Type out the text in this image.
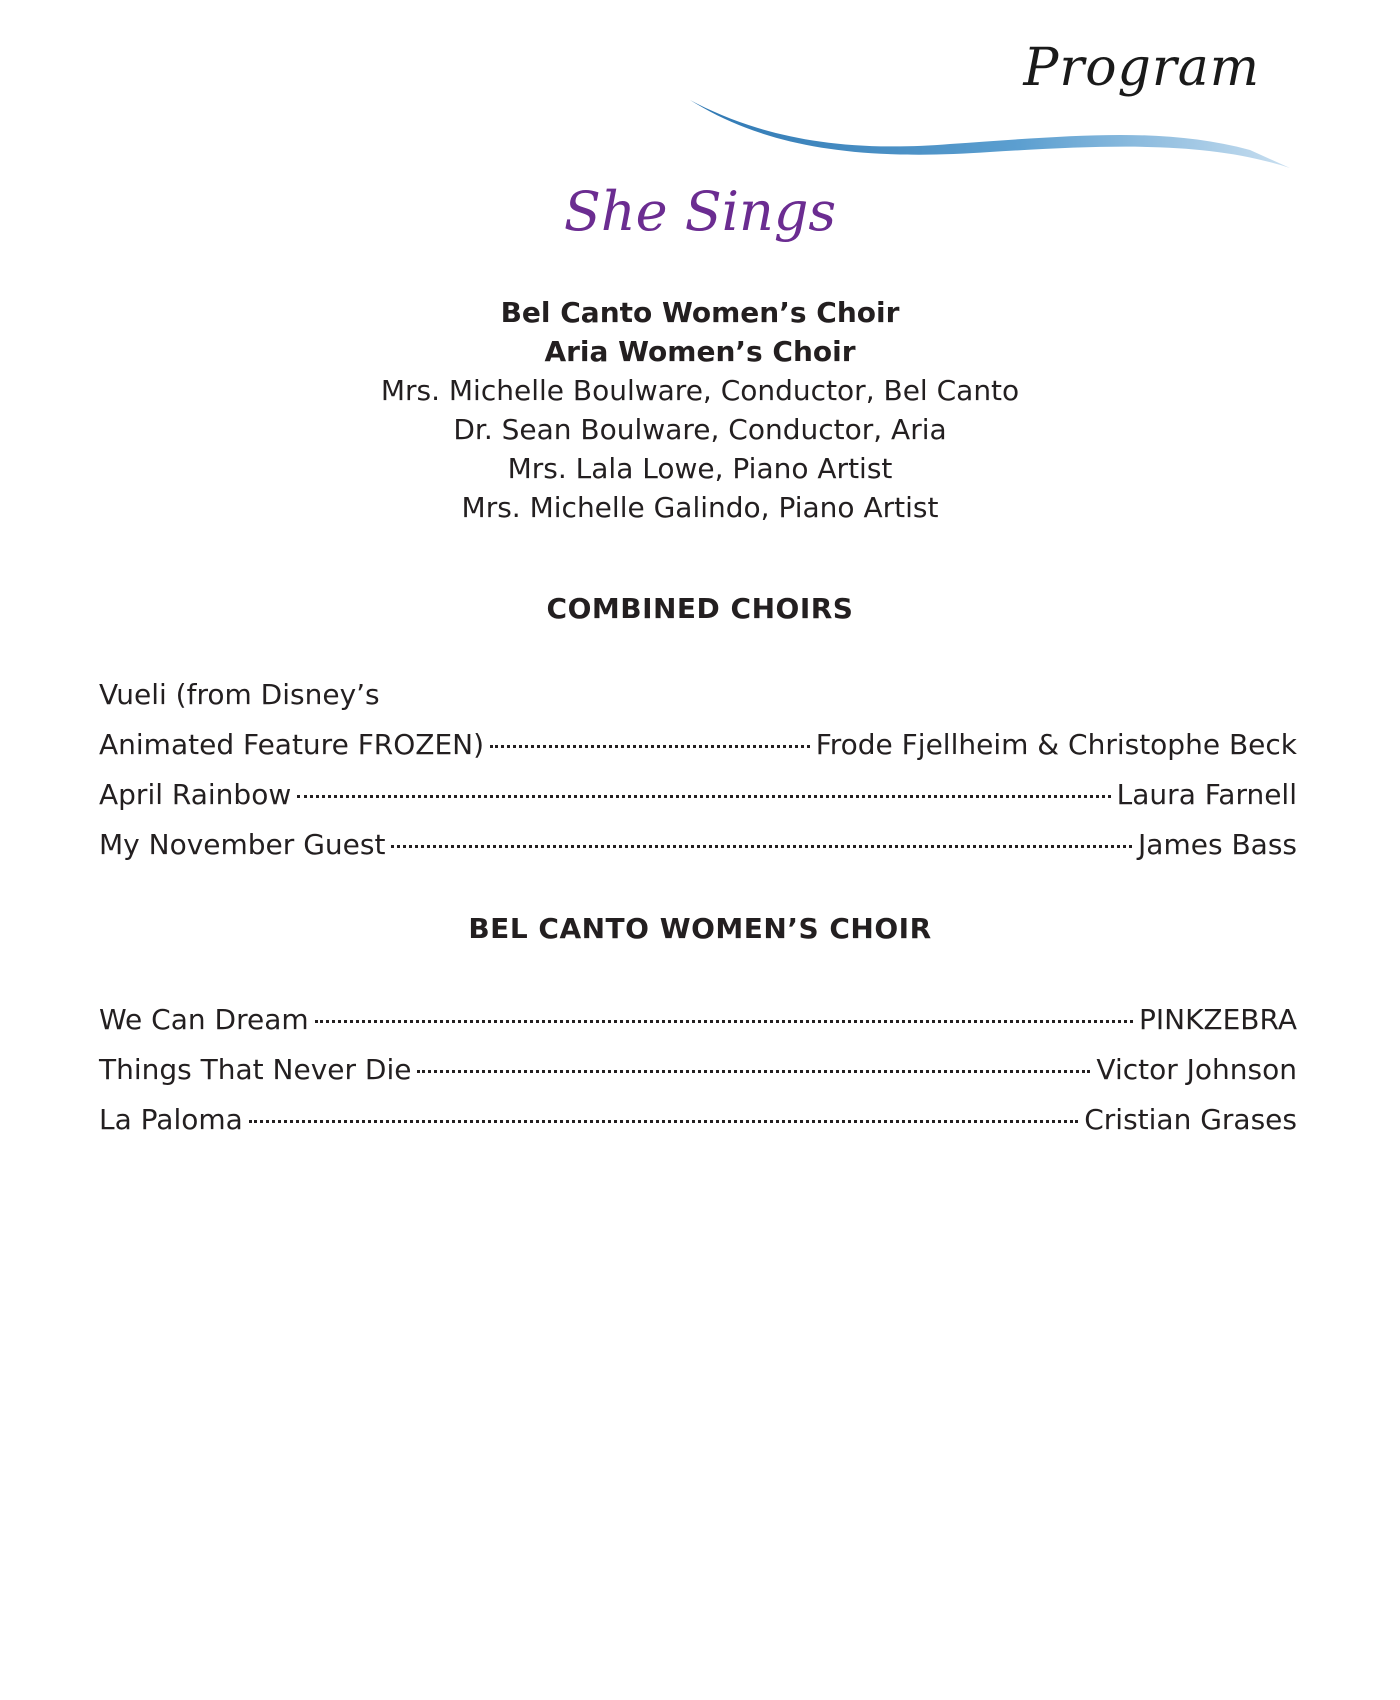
Program
She Sings
Bel Canto Women’s Choir
Aria Women’s Choir
Mrs. Michelle Boulware, Conductor, Bel Canto
Dr. Sean Boulware, Conductor, Aria
Mrs. Lala Lowe, Piano Artist
Mrs. Michelle Galindo, Piano Artist
COMBINED CHOIRS
Vueli (from Disney’s
Animated Feature FROZEN)	Frode Fjellheim & Christophe Beck
April Rainbow	Laura Farnell
My November Guest	James Bass
BEL CANTO WOMEN’S CHOIR
We Can Dream	PINKZEBRA
Things That Never Die	Victor Johnson
La Paloma	Cristian Grases
